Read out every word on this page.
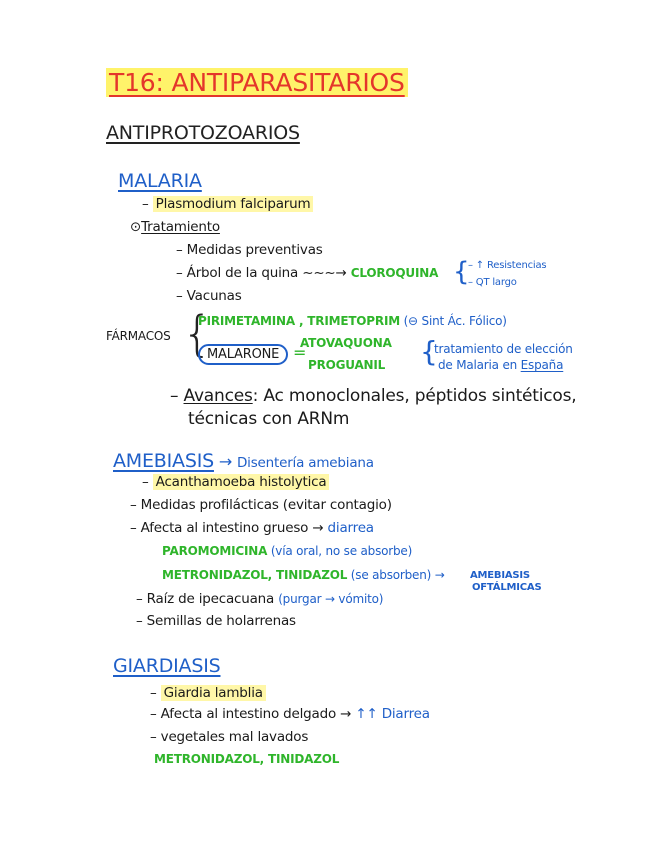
T16: ANTIPARASITARIOS
ANTIPROTOZOARIOS
MALARIA
– Plasmodium falciparum
⊙Tratamiento
– Medidas preventivas
– Árbol de la quina ~~~→ CLOROQUINA {
– ↑ Resistencias
– QT largo
– Vacunas
FÁRMACOS {
PIRIMETAMINA , TRIMETOPRIM (⊖ Sint Ác. Fólico)
MALARONE =
ATOVAQUONA
PROGUANIL {
tratamiento de elección
de Malaria en España
– Avances: Ac monoclonales, péptidos sintéticos,
técnicas con ARNm
AMEBIASIS → Disentería amebiana
– Acanthamoeba histolytica
– Medidas profilácticas (evitar contagio)
– Afecta al intestino grueso → diarrea
PAROMOMICINA (vía oral, no se absorbe)
METRONIDAZOL, TINIDAZOL (se absorben) →	AMEBIASIS
OFTÁLMICAS
– Raíz de ipecacuana (purgar → vómito)
– Semillas de holarrenas
GIARDIASIS
– Giardia lamblia
– Afecta al intestino delgado → ↑↑ Diarrea
– vegetales mal lavados
METRONIDAZOL, TINIDAZOL
